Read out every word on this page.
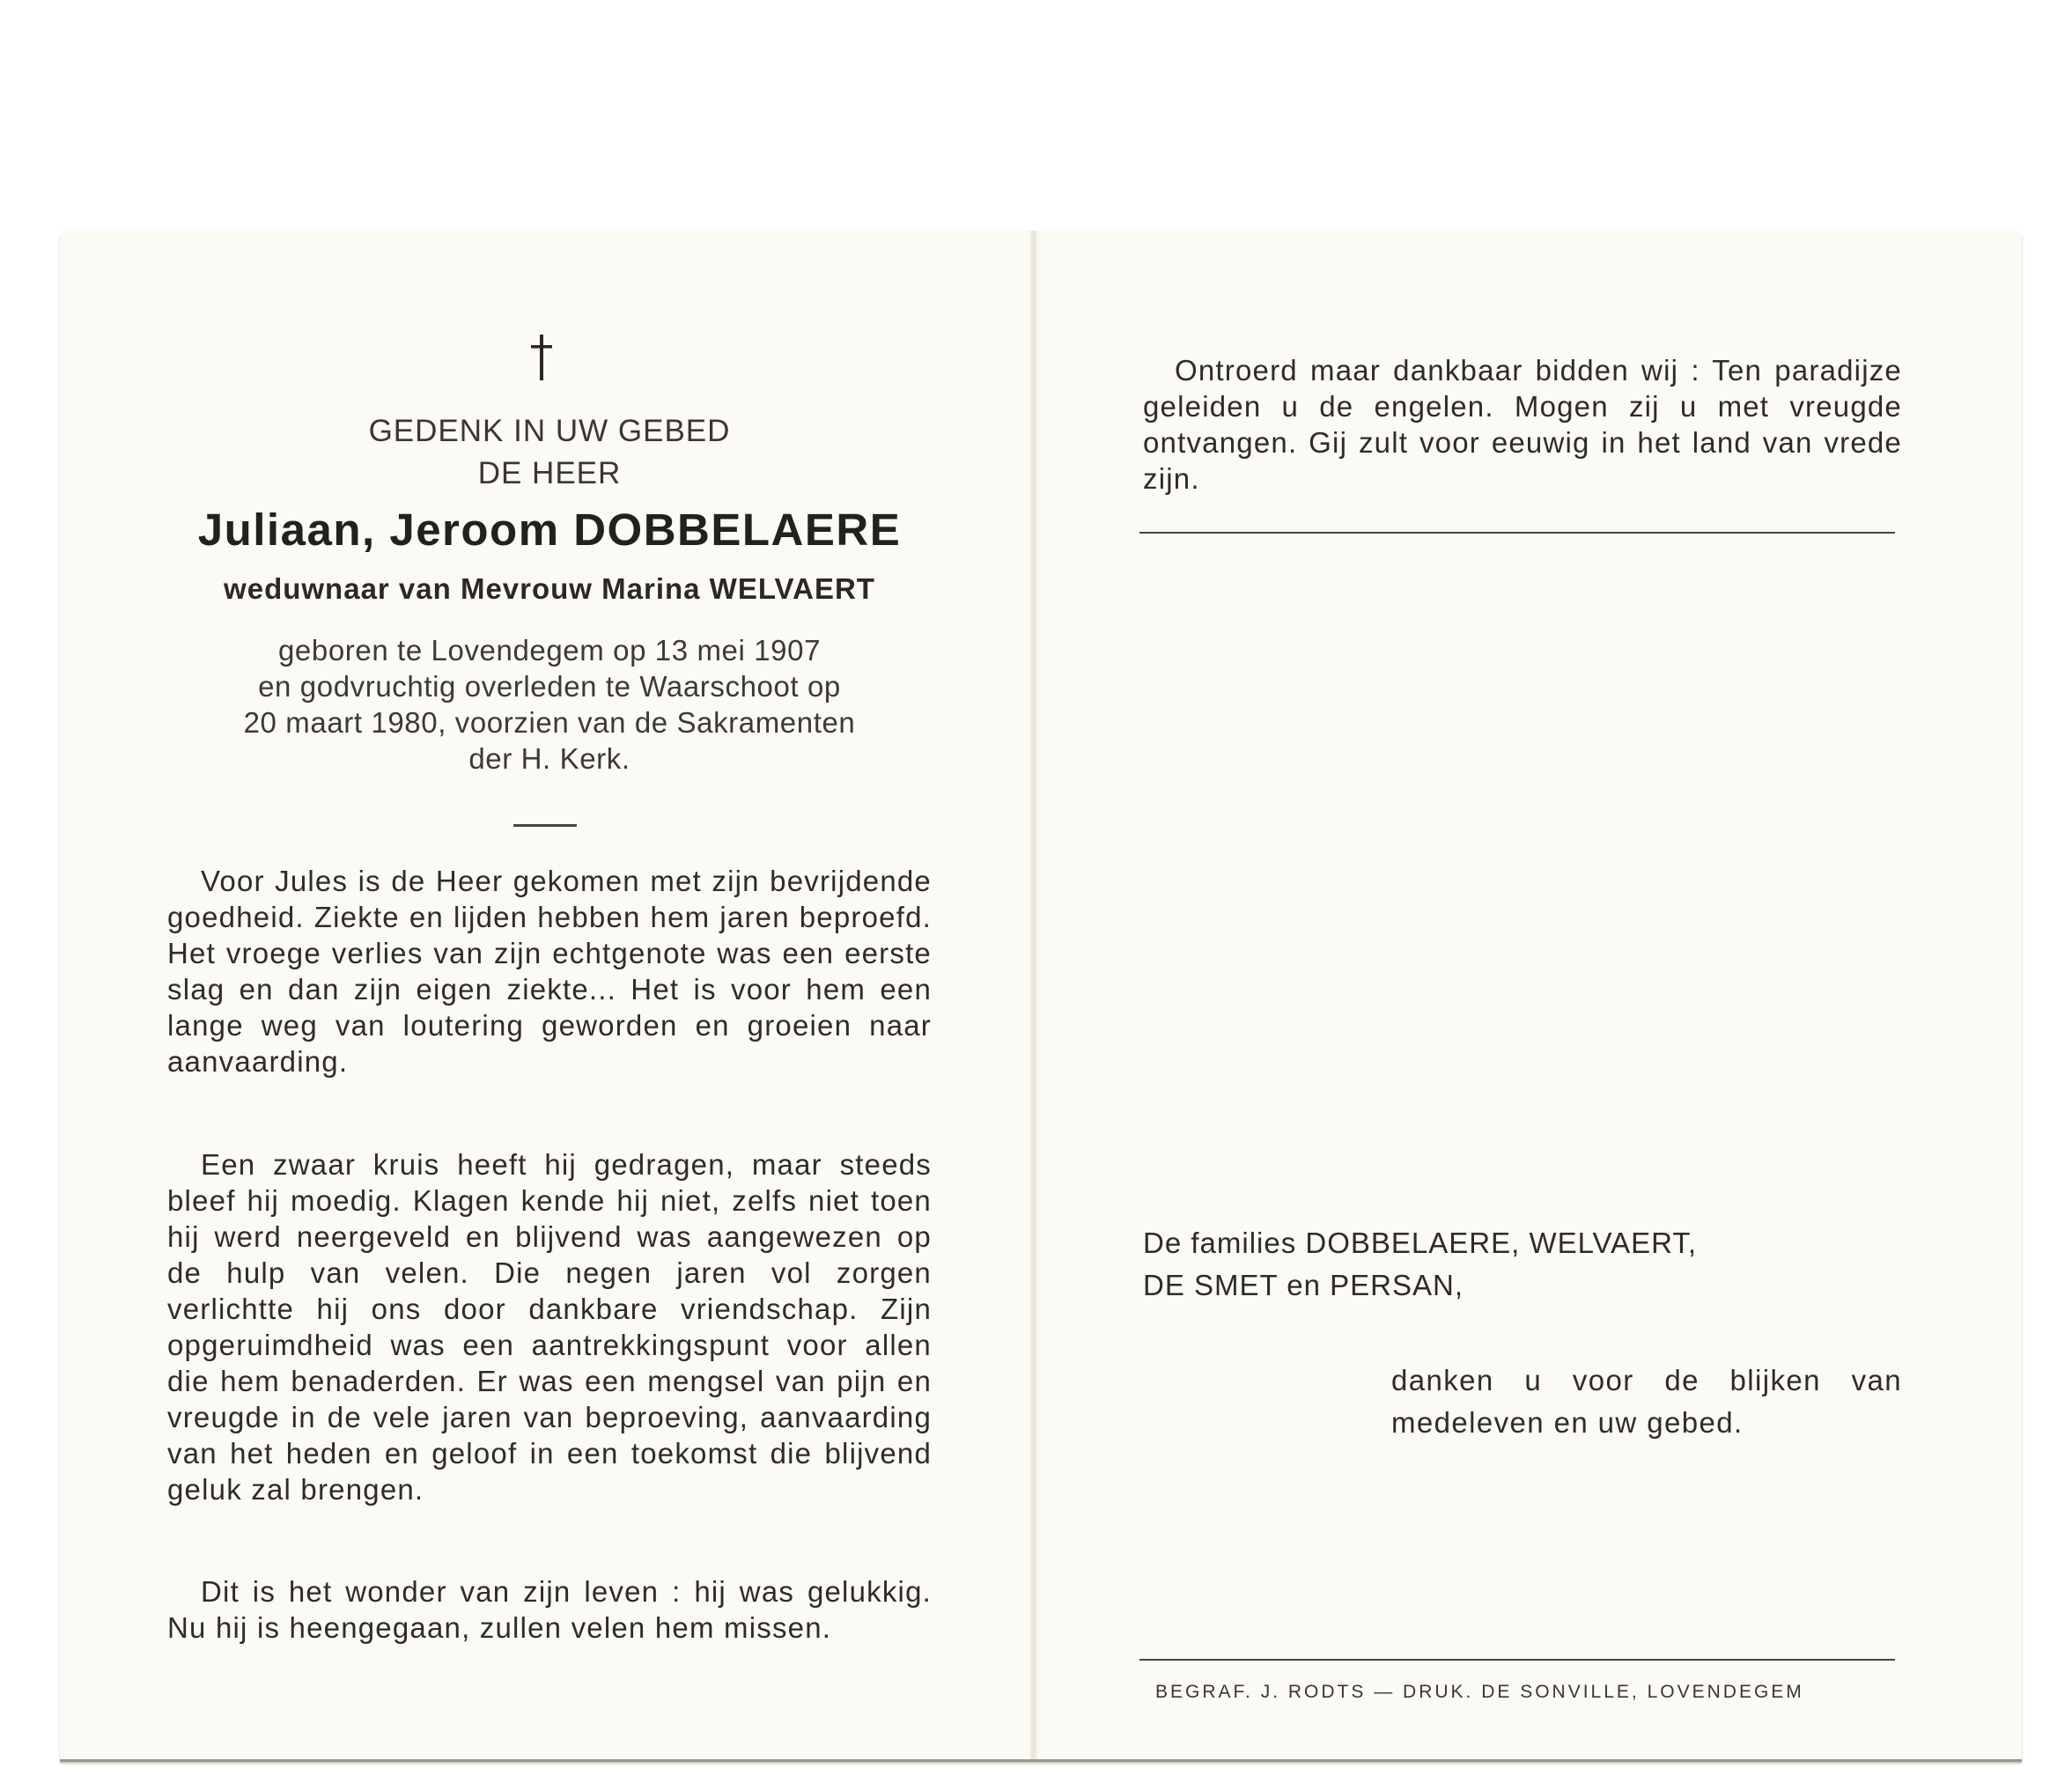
GEDENK IN UW GEBED
DE HEER
Juliaan, Jeroom DOBBELAERE
weduwnaar van Mevrouw Marina WELVAERT
geboren te Lovendegem op 13 mei 1907
en godvruchtig overleden te Waarschoot op
20 maart 1980, voorzien van de Sakramenten
der H. Kerk.
Voor Jules is de Heer gekomen met zijn bevrijdende goedheid. Ziekte en lijden hebben hem jaren beproefd. Het vroege verlies van zijn echtgenote was een eerste slag en dan zijn eigen ziekte... Het is voor hem een lange weg van loutering geworden en groeien naar aanvaarding.
Een zwaar kruis heeft hij gedragen, maar steeds bleef hij moedig. Klagen kende hij niet, zelfs niet toen hij werd neergeveld en blijvend was aangewezen op de hulp van velen. Die negen jaren vol zorgen verlichtte hij ons door dankbare vriendschap. Zijn opgeruimdheid was een aantrekkingspunt voor allen die hem benaderden. Er was een mengsel van pijn en vreugde in de vele jaren van beproeving, aanvaarding van het heden en geloof in een toekomst die blijvend geluk zal brengen.
Dit is het wonder van zijn leven : hij was gelukkig. Nu hij is heengegaan, zullen velen hem missen.
Ontroerd maar dankbaar bidden wij : Ten paradijze geleiden u de engelen. Mogen zij u met vreugde ontvangen. Gij zult voor eeuwig in het land van vrede zijn.
De families DOBBELAERE, WELVAERT,
DE SMET en PERSAN,
danken u voor de blijken van medeleven en uw gebed.
BEGRAF. J. RODTS — DRUK. DE SONVILLE, LOVENDEGEM
